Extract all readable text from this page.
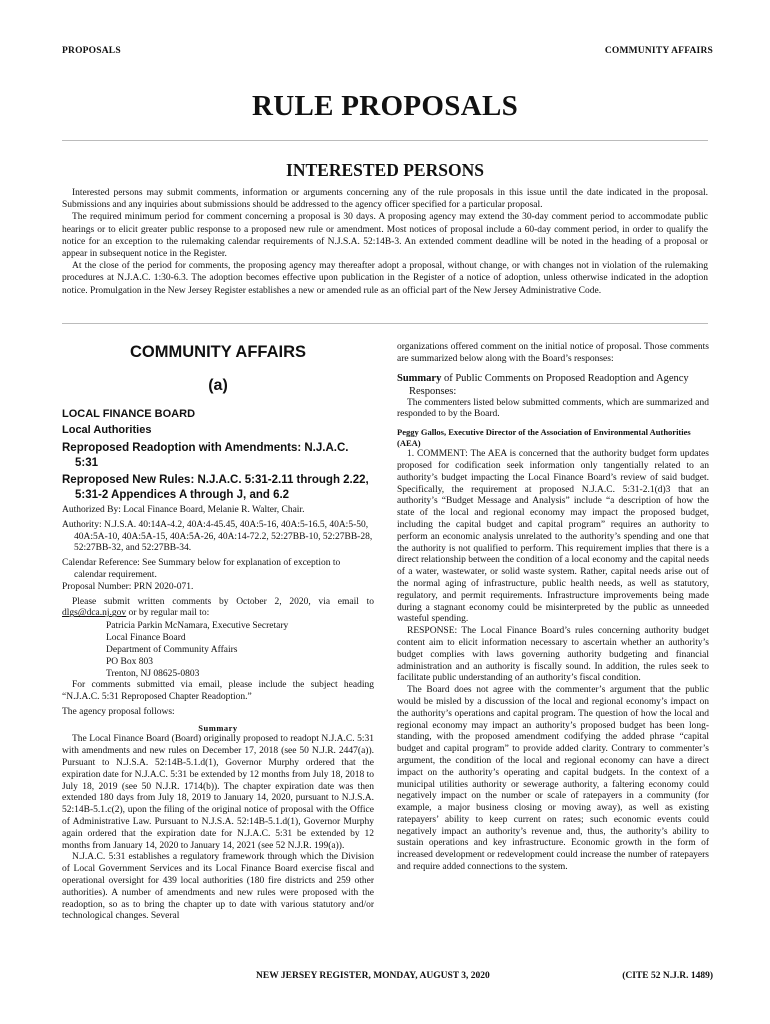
PROPOSALS	COMMUNITY AFFAIRS
RULE PROPOSALS
INTERESTED PERSONS

Interested persons may submit comments, information or arguments concerning any of the rule proposals in this issue until the date indicated in the proposal. Submissions and any inquiries about submissions should be addressed to the agency officer specified for a particular proposal.

The required minimum period for comment concerning a proposal is 30 days. A proposing agency may extend the 30-day comment period to accommodate public hearings or to elicit greater public response to a proposed new rule or amendment. Most notices of proposal include a 60-day comment period, in order to qualify the notice for an exception to the rulemaking calendar requirements of N.J.S.A. 52:14B-3. An extended comment deadline will be noted in the heading of a proposal or appear in subsequent notice in the Register.

At the close of the period for comments, the proposing agency may thereafter adopt a proposal, without change, or with changes not in violation of the rulemaking procedures at N.J.A.C. 1:30-6.3. The adoption becomes effective upon publication in the Register of a notice of adoption, unless otherwise indicated in the adoption notice. Promulgation in the New Jersey Register establishes a new or amended rule as an official part of the New Jersey Administrative Code.

COMMUNITY AFFAIRS
(a)
LOCAL FINANCE BOARD
Local Authorities
Reproposed Readoption with Amendments: N.J.A.C. 5:31
Reproposed New Rules: N.J.A.C. 5:31-2.11 through 2.22, 5:31-2 Appendices A through J, and 6.2

Authorized By: Local Finance Board, Melanie R. Walter, Chair.

Authority: N.J.S.A. 40:14A-4.2, 40A:4-45.45, 40A:5-16, 40A:5-16.5, 40A:5-50, 40A:5A-10, 40A:5A-15, 40A:5A-26, 40A:14-72.2, 52:27BB-10, 52:27BB-28, 52:27BB-32, and 52:27BB-34.

Calendar Reference: See Summary below for explanation of exception to calendar requirement.

Proposal Number: PRN 2020-071.

Please submit written comments by October 2, 2020, via email to dlgs@dca.nj.gov or by regular mail to:

Patricia Parkin McNamara, Executive Secretary
Local Finance Board
Department of Community Affairs
PO Box 803
Trenton, NJ 08625-0803

For comments submitted via email, please include the subject heading “N.J.A.C. 5:31 Reproposed Chapter Readoption.”

The agency proposal follows:

Summary

The Local Finance Board (Board) originally proposed to readopt N.J.A.C. 5:31 with amendments and new rules on December 17, 2018 (see 50 N.J.R. 2447(a)). Pursuant to N.J.S.A. 52:14B-5.1.d(1), Governor Murphy ordered that the expiration date for N.J.A.C. 5:31 be extended by 12 months from July 18, 2018 to July 18, 2019 (see 50 N.J.R. 1714(b)). The chapter expiration date was then extended 180 days from July 18, 2019 to January 14, 2020, pursuant to N.J.S.A. 52:14B-5.1.c(2), upon the filing of the original notice of proposal with the Office of Administrative Law. Pursuant to N.J.S.A. 52:14B-5.1.d(1), Governor Murphy again ordered that the expiration date for N.J.A.C. 5:31 be extended by 12 months from January 14, 2020 to January 14, 2021 (see 52 N.J.R. 199(a)).

N.J.A.C. 5:31 establishes a regulatory framework through which the Division of Local Government Services and its Local Finance Board exercise fiscal and operational oversight for 439 local authorities (180 fire districts and 259 other authorities). A number of amendments and new rules were proposed with the readoption, so as to bring the chapter up to date with various statutory and/or technological changes. Several

organizations offered comment on the initial notice of proposal. Those comments are summarized below along with the Board’s responses:

Summary of Public Comments on Proposed Readoption and Agency Responses:

The commenters listed below submitted comments, which are summarized and responded to by the Board.

Peggy Gallos, Executive Director of the Association of Environmental Authorities (AEA)

1. COMMENT: The AEA is concerned that the authority budget form updates proposed for codification seek information only tangentially related to an authority’s budget impacting the Local Finance Board’s review of said budget. Specifically, the requirement at proposed N.J.A.C. 5:31-2.1(d)3 that an authority’s “Budget Message and Analysis” include “a description of how the state of the local and regional economy may impact the proposed budget, including the capital budget and capital program” requires an authority to perform an economic analysis unrelated to the authority’s spending and one that the authority is not qualified to perform. This requirement implies that there is a direct relationship between the condition of a local economy and the capital needs of a water, wastewater, or solid waste system. Rather, capital needs arise out of the normal aging of infrastructure, public health needs, as well as statutory, regulatory, and permit requirements. Infrastructure improvements being made during a stagnant economy could be misinterpreted by the public as unneeded wasteful spending.

RESPONSE: The Local Finance Board’s rules concerning authority budget content aim to elicit information necessary to ascertain whether an authority’s budget complies with laws governing authority budgeting and financial administration and an authority is fiscally sound. In addition, the rules seek to facilitate public understanding of an authority’s fiscal condition.

The Board does not agree with the commenter’s argument that the public would be misled by a discussion of the local and regional economy’s impact on the authority’s operations and capital program. The question of how the local and regional economy may impact an authority’s proposed budget has been long-standing, with the proposed amendment codifying the added phrase “capital budget and capital program” to provide added clarity. Contrary to commenter’s argument, the condition of the local and regional economy can have a direct impact on the authority’s operating and capital budgets. In the context of a municipal utilities authority or sewerage authority, a faltering economy could negatively impact on the number or scale of ratepayers in a community (for example, a major business closing or moving away), as well as existing ratepayers’ ability to keep current on rates; such economic events could negatively impact an authority’s revenue and, thus, the authority’s ability to sustain operations and key infrastructure. Economic growth in the form of increased development or redevelopment could increase the number of ratepayers and require added connections to the system.

NEW JERSEY REGISTER, MONDAY, AUGUST 3, 2020	(CITE 52 N.J.R. 1489)
